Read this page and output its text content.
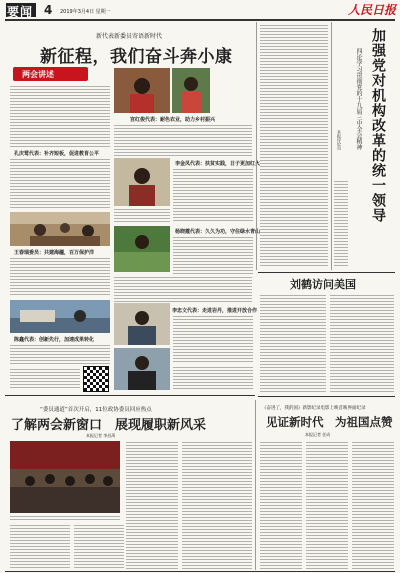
要闻 4 2019年3月4日 星期一	人民日报
新代表新委员寄语新时代
新征程，我们奋斗奔小康
两会讲述
孔庆莺代表：补齐短板，促进教育公平
王春瑞委员：共建海疆，百万保护洋
陈鑫代表：创新先行，加速成果转化
宫红俊代表：耐色农业，助力乡村振兴
李金凤代表：扶贫实践，日子更加红火
杨晓霞代表：久久为功，守住绿水青山
李忠文代表：走进岩丹，推进开放合作
加强党对机构改革的统一领导
四论学习贯彻党的十九届三中全会精神
本报评论员
刘鹤访问美国
“委员通道”首次开启，11位政协委员回应热点
了解两会新窗口　展现履职新风采
本报记者 李昌禹
《奋进了，我的国》新影纪录电影上映首映界面纪录
见证新时代　为祖国点赞
本报记者 任成
